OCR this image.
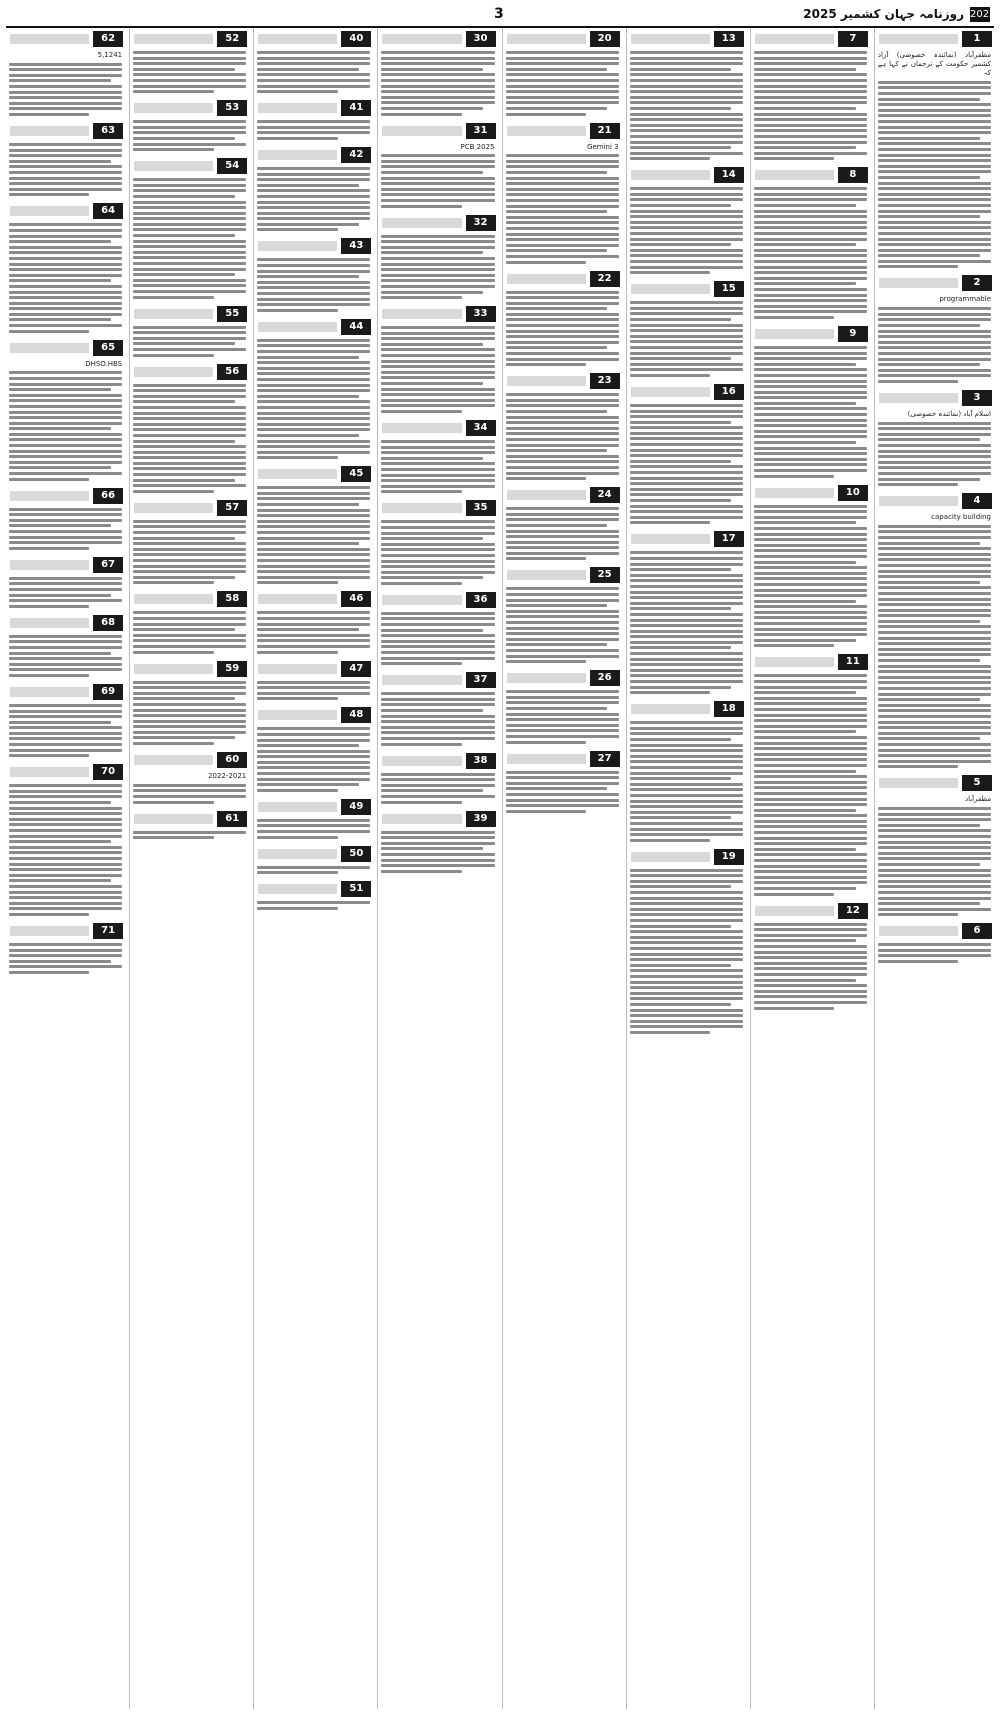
3	روزنامہ جہان کشمیر 2025 2025
1
مظفرآباد (نمائندہ خصوصی) آزاد کشمیر حکومت کے ترجمان نے کہا ہے کہ
2
programmable
3
اسلام آباد (نمائندہ خصوصی)
4
capacity building
5
مظفرآباد
6
7
8
9
10
11
12
13
14
15
16
17
18
19
20
21
Gemini 3
22
23
24
25
26
27
30
31
PCB 2025
32
33
34
35
36
37
38
39
40
41
42
43
44
45
46
47
48
49
50
51
52
53
54
55
56
57
58
59
60
2022-2021
61
62
5,1241
63
64
65
DHSO.HBS
66
67
68
69
70
71
